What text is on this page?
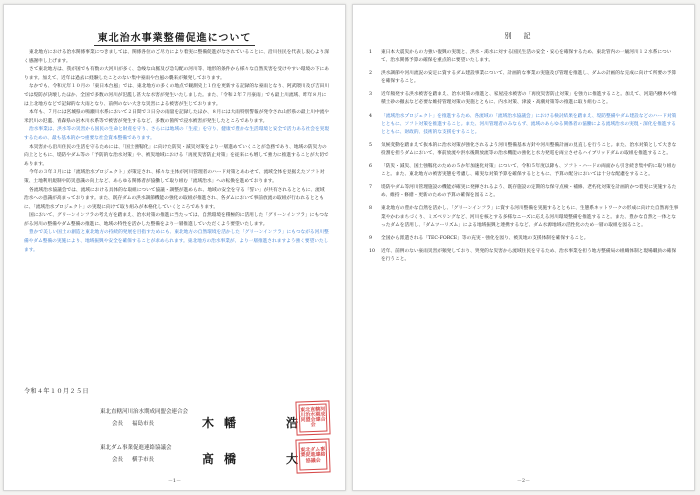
東北治水事業整備促進について

東北地方における治水関係事業につきましては、関係各位のご尽力により着実に整備促進がなされていることに、沿川住民を代表し衷心より深く感謝申し上げます。

さて東北地方は、我が国でも有数の大河川が多く、急峻な山脈及び急勾配の河川等、地形的条件から様々な自然災害を受けやすい環境の下にあります。加えて、近年は過去に経験したことのない集中豪雨や台風の襲来が頻発しております。

なかでも、令和元年１０月の「東日本台風」では、東北地方の多くの地点で観測史上１位を更新する記録的な豪雨となり、阿武隈川及び吉田川では堤防が決壊したほか、全国で多数の河川が氾濫し甚大な水害が発生いたしました。また、「令和２年７月豪雨」でも最上川流域、昨年８月には上北地方などで記録的な大雨となり、前例のない大きな災害による被害が生じております。

本年も、７月には宮城県の鳴瀬川水系において２日間で３日分の雨量を記録したほか、８月には大雨特別警報が発令され山形県の最上川中流や米沢川の氾濫、青森県の岩木川水系等で被害が発生するなど、多数の箇所で浸水被害が発生したところであります。

治水事業は、洪水等の災害から国民の生命と財産を守り、さらには地域の「生産」を守り、健康で豊かな生活環境と安全で活力ある社会を実現するための、最も基本的かつ重要な社会資本整備であります。

本災害から沿川住民の生活を守るためには、「国土強靱化」に向けた防災・減災対策をより一層進めていくことが急務であり、地域の防災力の向上とともに、堤防やダム等の「予防的な治水対策」や、被災地域における「再度災害防止対策」を従来にも増して強力に推進することが大切であります。

今年の３年３月には「流域治水プロジェクト」が策定され、様々な主体が河川管理者のハード対策とあわせて、流域全体を見据えたソフト対策、土地利用規制や防災意識の向上など、あらゆる関係者が協働して取り組む「流域治水」への転換を進めております。

各流域治水協議会では、流域における具体的な取組について協議・調整が進められ、地域の安全を守る「誓い」が共有されるとともに、流域治水への意識が高まっております。また、既存ダムの洪水調節機能の強化の取組が推進され、各ダムにおいて事前放流の取組が行われるとともに、「流域治水プロジェクト」の実現に向けて取り組みが本格化していくところであります。

国において、グリーンインフラの考え方を踏まえ、治水対策の推進に当たっては、自然環境を積極的に活用した「グリーンインフラ」にもつながる河川の整備やダム整備の推進に、地域の特性を活かした整備をより一層推進していただくよう要望いたします。

豊かで美しい国土の創造と東北地方の持続的発展を目指すためにも、東北地方の自然環境を活かした「グリーンインフラ」にもつながる河川整備やダム整備の実施により、地域振興や安全を確保することが求められます。東北地方の治水事業が、より一層推進されますよう強く要望いたします。

令和４年１０月２５日
東北直轄河川治水期成同盟会連合会
会長 福島市長	木幡	浩
東北直轄河川治水期成同盟会連合会
東北ダム事業促進連絡協議会
会長 横手市長	髙橋	大
東北ダム事業促進連絡協議会
－1－
別記
1	東日本大震災からの力強い復興の実現と、洪水・渇水に対する国民生活の安全・安心を確保するため、東北管内の一級河川１２水系について、治水関係予算の確保を重点的に要望いたします。
2	洪水調節や河川流況の安定に資するダム建設事業について、計画的な事業の実施及び管理を推進し、ダムの計画的な完成に向けて所要の予算を確保すること。
3	近年頻発する洪水被害を踏まえ、治水対策の推進と、家屋浸水被害の「再度災害防止対策」を強力に推進すること。加えて、河道内樹木や堆積土砂の撤去など必要な維持管理対策の実施とともに、内水対策、津波・高潮対策等の推進に取り組むこと。
4	「流域治水プロジェクト」を推進するため、各流域の「流域治水協議会」における検討結果を踏まえ、堤防整備やダム建設などのハード対策とともに、ソフト対策を推進すること。また、河川管理者のみならず、流域のあらゆる関係者の協働による流域治水の実現・深化を推進するとともに、財政的、技術的な支援をすること。
5	気候変動を踏まえて抜本的に治水対策が強化されるよう河川整備基本方針や河川整備計画の見直しを行うこと。また、治水対策として大きな役割を担うダムにおいて、事前放流や洪水後期放流等の治水機能の強化と水力発電を両立させるハイブリッドダムの取組を推進すること。
6	「防災・減災、国土強靱化のための５か年加速化対策」について、令和５年度以降も、ソフト・ハードの両面から引き続き集中的に取り組むこと。また、東北地方の被害実態を考慮し、確実な対策予算を確保するとともに、予算の配分においては十分な配慮をすること。
7	堤防やダム等河川管理施設の機能が確実に発揮されるよう、既存施設の定期的な保守点検・補修、老朽化対策を計画的かつ着実に実施するため、維持・修繕・更新のための予算の確保を図ること。
8	東北地方の豊かな自然を活かし、「グリーンインフラ」に資する河川整備を実施するとともに、生態系ネットワークの形成に向けた自然再生事業やかわまちづくり、ミズベリングなど、河川を核とする多様なニーズに応える河川環境整備を推進すること。また、豊かな自然と一体となったダムを活用し、「ダムツーリズム」による地域振興と連携するなど、ダム水源地域の活性化のため一層の取組を図ること。
9	全国から派遣される「TEC-FORCE」等の充実・強化を図り、被災地の支援体制を確保すること。
10	近年、前例のない豪雨災害が頻発しており、突発的な災害から流域住民を守るため、治水事業を担う地方整備局の組織体制と現場職員の確保を行うこと。
－2－
